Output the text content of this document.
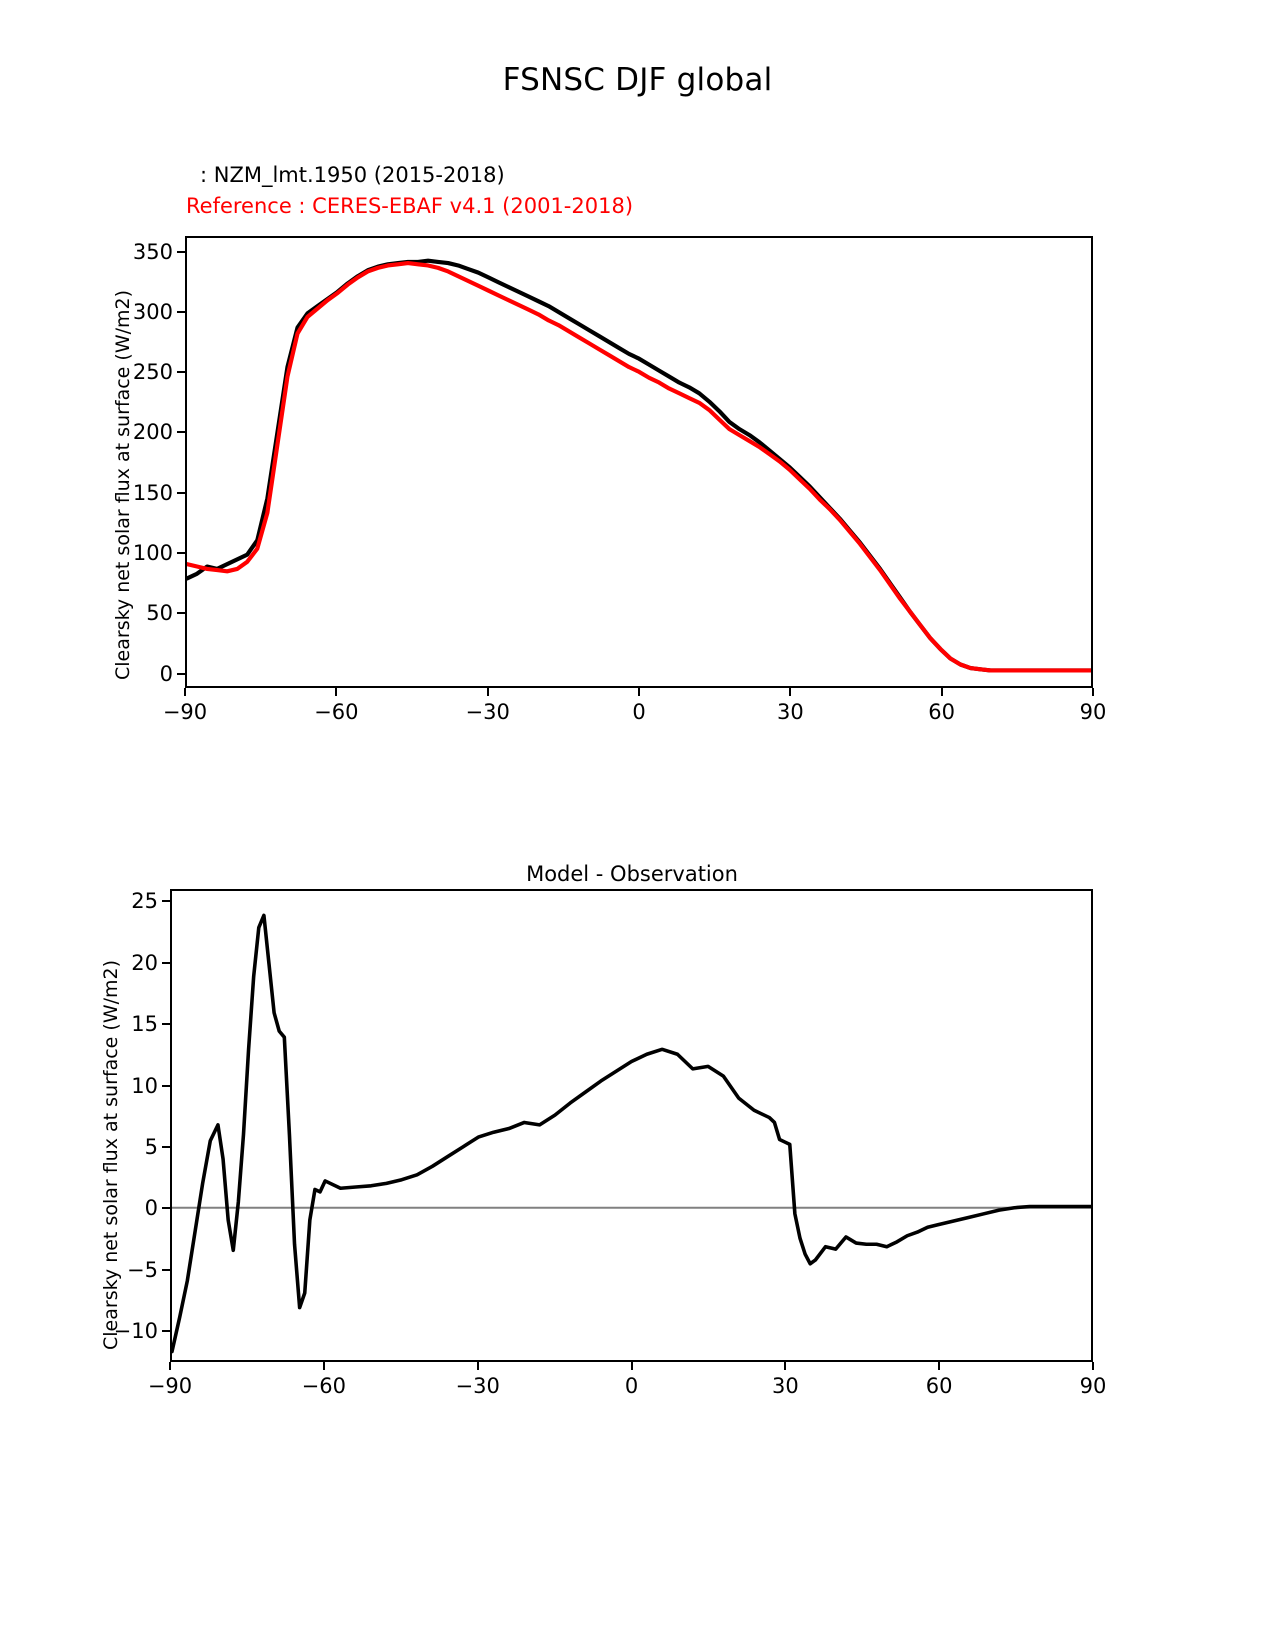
FSNSC DJF global
: NZM_lmt.1950 (2015-2018)
Reference : CERES-EBAF v4.1 (2001-2018)
Clearsky net solar flux at surface (W/m2)
Model - Observation
Clearsky net solar flux at surface (W/m2)
−90	−60	−30	0	30	60	90
0
50
100
150
200
250
300
350
−90	−60	−30	0	30	60	90
−10
−5
0
5
10
15
20
25
